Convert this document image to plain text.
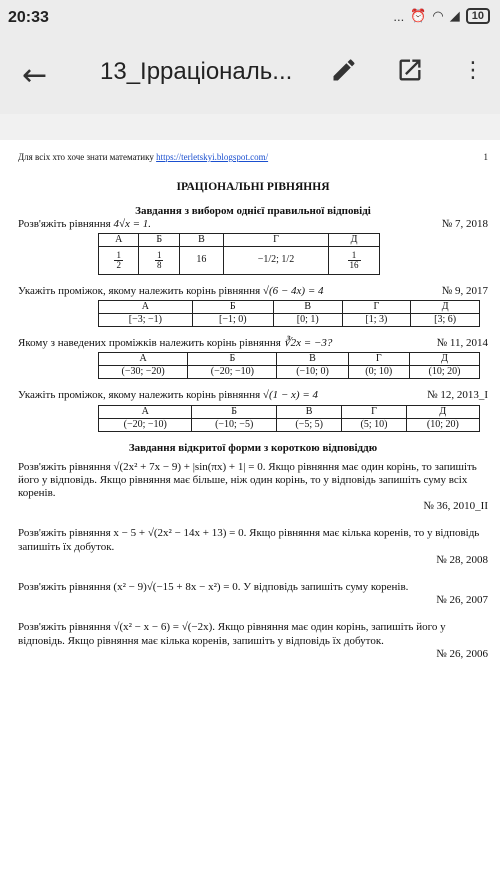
20:33	... ⏰ ◠ ◢	10
← 13_Ірраціональ...	⋮
Для всіх хто хоче знати математику https://terletskyi.blogspot.com/	1
ІРАЦІОНАЛЬНІ РІВНЯННЯ
Завдання з вибором однієї правильної відповіді
Розв'яжіть рівняння 4√x = 1.	№ 7, 2018
А	Б	В	Г	Д

$\frac{1}{2}$	$\frac{1}{8}$	16	−1/2; 1/2	$\frac{1}{16}$
Укажіть проміжок, якому належить корінь рівняння √(6 − 4x) = 4	№ 9, 2017
А	Б	В	Г	Д
[−3; −1)	[−1; 0)	[0; 1)	[1; 3)	[3; 6)
Якому з наведених проміжків належить корінь рівняння ∛2x = −3?	№ 11, 2014
А	Б	В	Г	Д
(−30; −20)	(−20; −10)	(−10; 0)	(0; 10)	(10; 20)
Укажіть проміжок, якому належить корінь рівняння √(1 − x) = 4	№ 12, 2013_І
А	Б	В	Г	Д
(−20; −10)	(−10; −5)	(−5; 5)	(5; 10)	(10; 20)
Завдання відкритої форми з короткою відповіддю
Розв'яжіть рівняння √(2x² + 7x − 9) + |sin(πx) + 1| = 0. Якщо рівняння має один корінь, то запишіть його у відповідь. Якщо рівняння має більше, ніж один корінь, то у відповідь запишіть суму всіх коренів.
№ 36, 2010_ІІ
Розв'яжіть рівняння x − 5 + √(2x² − 14x + 13) = 0. Якщо рівняння має кілька коренів, то у відповідь запишіть їх добуток.
№ 28, 2008
Розв'яжіть рівняння (x² − 9)√(−15 + 8x − x²) = 0. У відповідь запишіть суму коренів.
№ 26, 2007
Розв'яжіть рівняння √(x² − x − 6) = √(−2x). Якщо рівняння має один корінь, запишіть його у відповідь. Якщо рівняння має кілька коренів, запишіть у відповідь їх добуток.
№ 26, 2006
